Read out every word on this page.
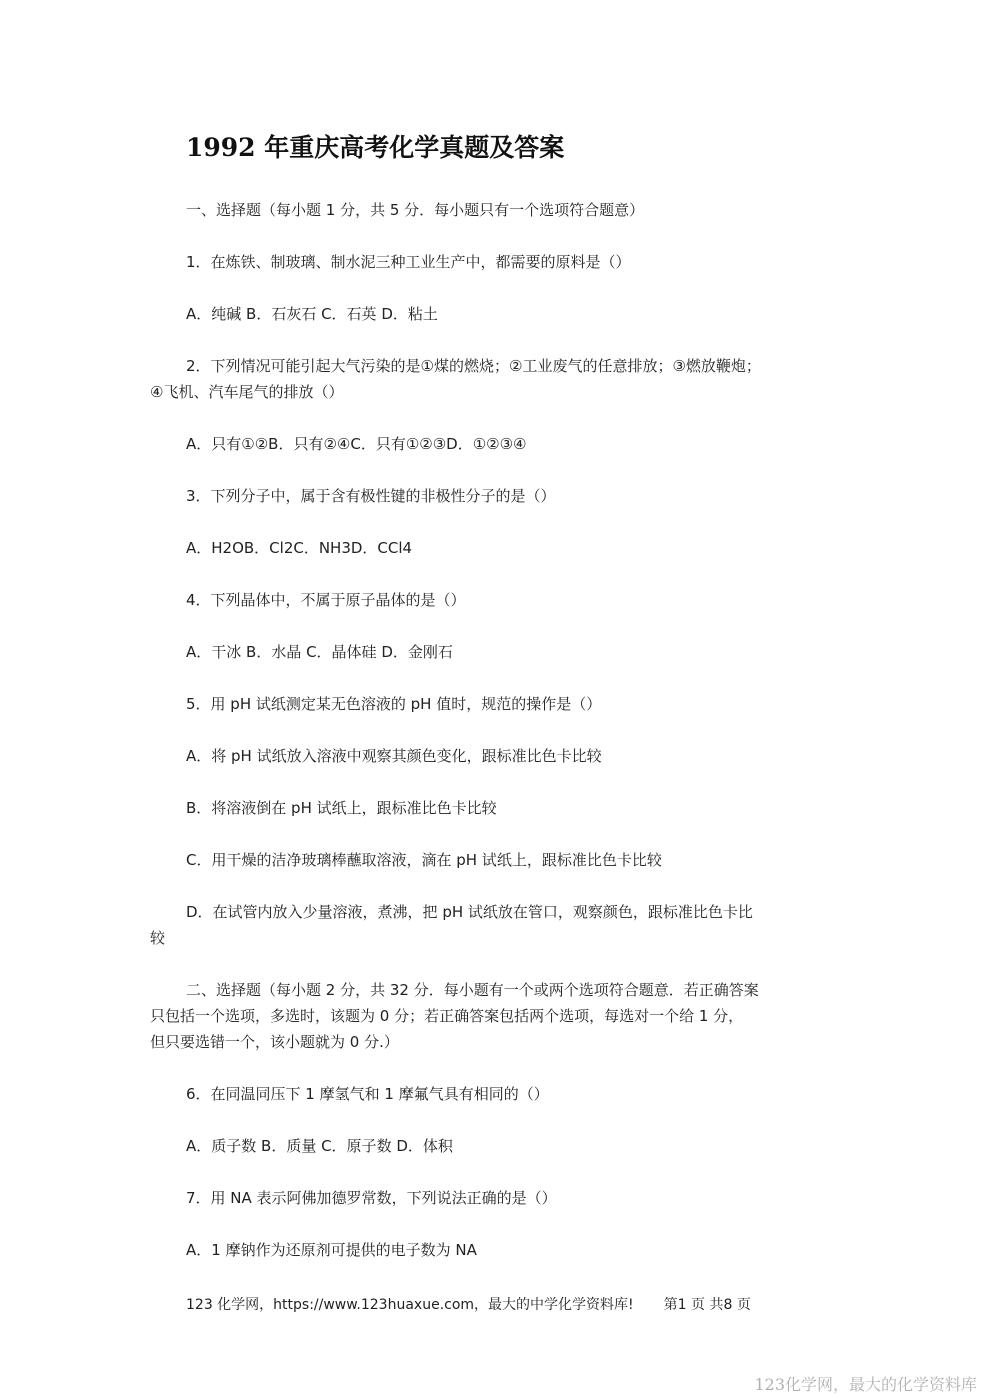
1992 年重庆高考化学真题及答案

一、选择题（每小题 1 分，共 5 分．每小题只有一个选项符合题意）

1．在炼铁、制玻璃、制水泥三种工业生产中，都需要的原料是（）

A．纯碱 B．石灰石 C．石英 D．粘土

2．下列情况可能引起大气污染的是①煤的燃烧；②工业废气的任意排放；③燃放鞭炮；

④飞机、汽车尾气的排放（）

A．只有①②B．只有②④C．只有①②③D．①②③④

3．下列分子中，属于含有极性键的非极性分子的是（）

A．H2OB．Cl2C．NH3D．CCl4

4．下列晶体中，不属于原子晶体的是（）

A．干冰 B．水晶 C．晶体硅 D．金刚石

5．用 pH 试纸测定某无色溶液的 pH 值时，规范的操作是（）

A．将 pH 试纸放入溶液中观察其颜色变化，跟标准比色卡比较

B．将溶液倒在 pH 试纸上，跟标准比色卡比较

C．用干燥的洁净玻璃棒蘸取溶液，滴在 pH 试纸上，跟标准比色卡比较

D．在试管内放入少量溶液，煮沸，把 pH 试纸放在管口，观察颜色，跟标准比色卡比

较

二、选择题（每小题 2 分，共 32 分．每小题有一个或两个选项符合题意．若正确答案

只包括一个选项，多选时，该题为 0 分；若正确答案包括两个选项，每选对一个给 1 分，

但只要选错一个，该小题就为 0 分.）

6．在同温同压下 1 摩氢气和 1 摩氟气具有相同的（）

A．质子数 B．质量 C．原子数 D．体积

7．用 NA 表示阿佛加德罗常数，下列说法正确的是（）

A．1 摩钠作为还原剂可提供的电子数为 NA

123 化学网，https://www.123huaxue.com，最大的中学化学资料库! 第1 页 共8 页
123化学网，最大的化学资料库
